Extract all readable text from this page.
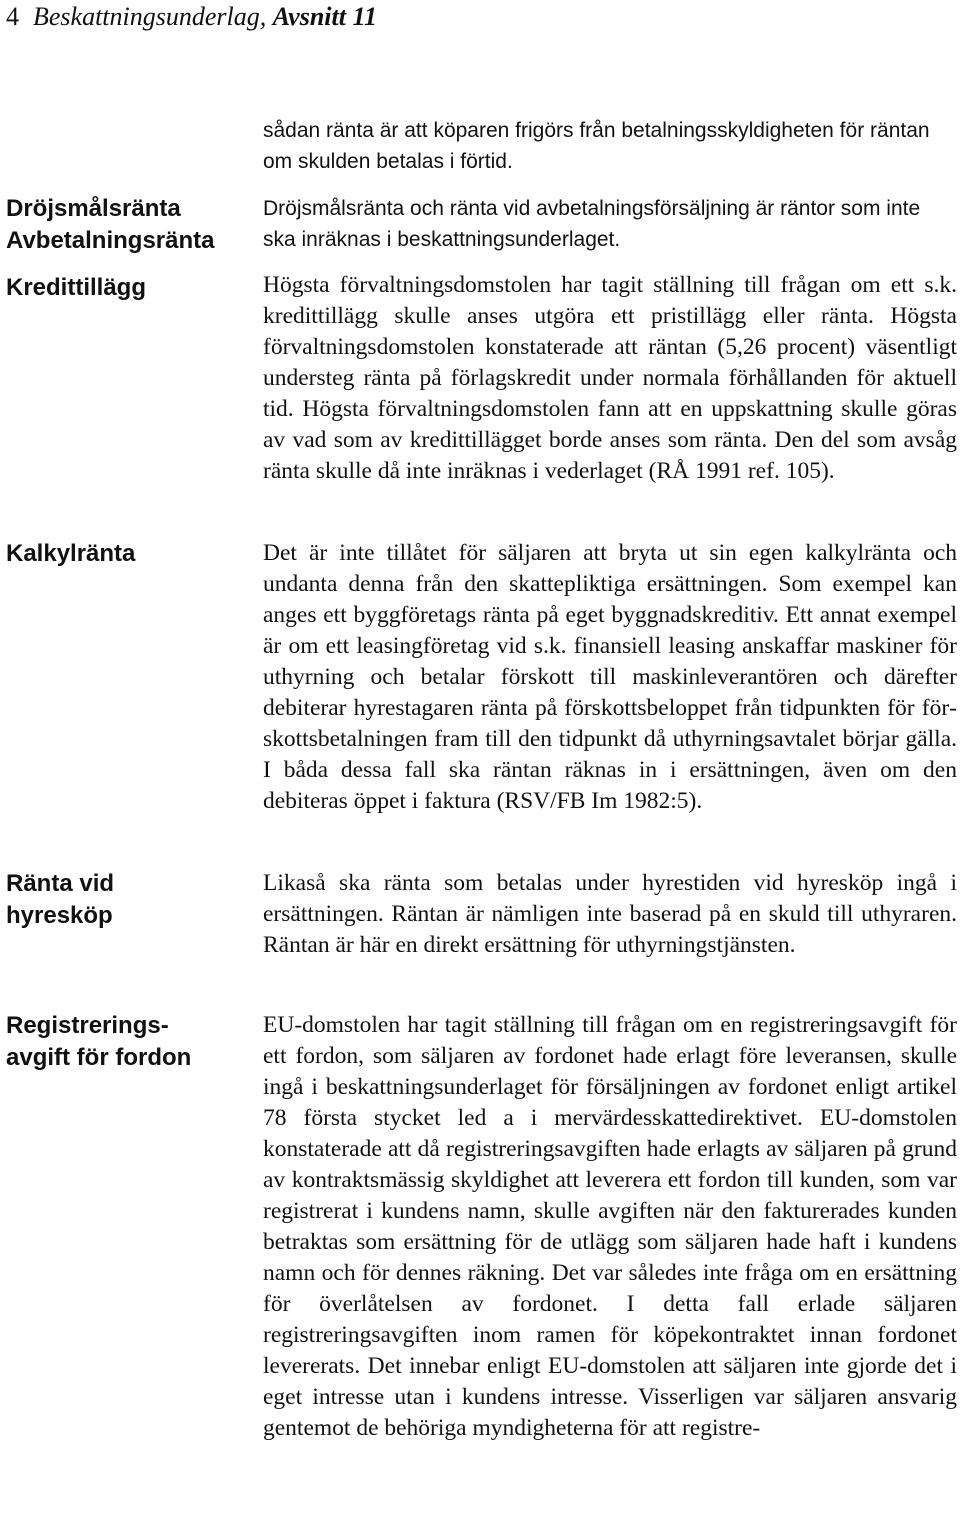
4 Beskattningsunderlag, Avsnitt 11
Dröjsmålsränta Avbetalningsränta
Kredittillägg
Kalkylränta
Ränta vid hyresköp
Registrerings-avgift för fordon

sådan ränta är att köparen frigörs från betalningsskyldigheten för räntan om skulden betalas i förtid.

Dröjsmålsränta och ränta vid avbetalningsförsäljning är räntor som inte ska inräknas i beskattningsunderlaget.

Högsta förvaltningsdomstolen har tagit ställning till frågan om ett s.k. kredittillägg skulle anses utgöra ett pristillägg eller ränta. Högsta förvaltningsdomstolen konstaterade att räntan (5,26 procent) väsentligt understeg ränta på förlagskredit under normala förhållanden för aktuell tid. Högsta förvaltningsdomstolen fann att en uppskattning skulle göras av vad som av kredittillägget borde anses som ränta. Den del som avsåg ränta skulle då inte inräknas i vederlaget (RÅ 1991 ref. 105).

Det är inte tillåtet för säljaren att bryta ut sin egen kalkylränta och undanta denna från den skattepliktiga ersättningen. Som exempel kan anges ett byggföretags ränta på eget byggnadskreditiv. Ett annat exempel är om ett leasingföretag vid s.k. finansiell leasing anskaffar maskiner för uthyrning och betalar förskott till maskinleverantören och därefter debiterar hyrestagaren ränta på förskottsbeloppet från tidpunkten för förskottsbetalningen fram till den tidpunkt då uthyrningsavtalet börjar gälla. I båda dessa fall ska räntan räknas in i ersättningen, även om den debiteras öppet i faktura (RSV/FB Im 1982:5).

Likaså ska ränta som betalas under hyrestiden vid hyresköp ingå i ersättningen. Räntan är nämligen inte baserad på en skuld till uthyraren. Räntan är här en direkt ersättning för uthyrningstjänsten.

EU-domstolen har tagit ställning till frågan om en registreringsavgift för ett fordon, som säljaren av fordonet hade erlagt före leveransen, skulle ingå i beskattningsunderlaget för försäljningen av fordonet enligt artikel 78 första stycket led a i mervärdesskattedirektivet. EU-domstolen konstaterade att då registreringsavgiften hade erlagts av säljaren på grund av kontraktsmässig skyldighet att leverera ett fordon till kunden, som var registrerat i kundens namn, skulle avgiften när den fakturerades kunden betraktas som ersättning för de utlägg som säljaren hade haft i kundens namn och för dennes räkning. Det var således inte fråga om en ersättning för överlåtelsen av fordonet. I detta fall erlade säljaren registreringsavgiften inom ramen för köpekontraktet innan fordonet levererats. Det innebar enligt EU-domstolen att säljaren inte gjorde det i eget intresse utan i kundens intresse. Visserligen var säljaren ansvarig gentemot de behöriga myndigheterna för att registre-
